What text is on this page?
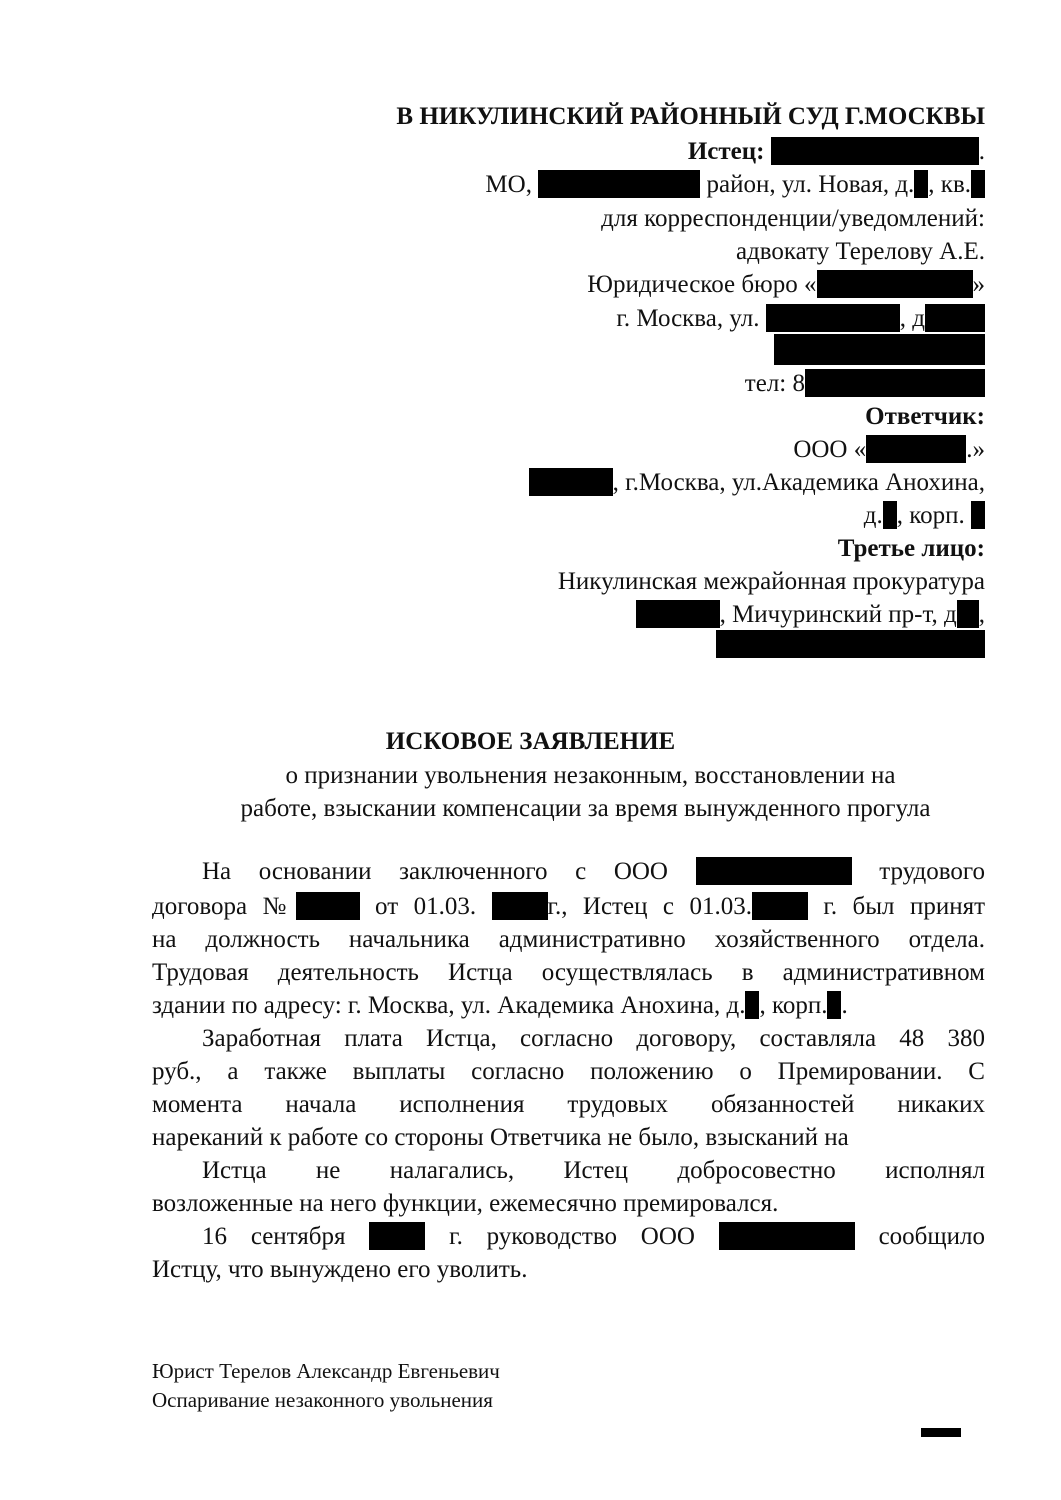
В НИКУЛИНСКИЙ РАЙОННЫЙ СУД Г.МОСКВЫ
Истец:	.
МО,	район, ул. Новая, д. , кв.
для корреспонденции/уведомлений:
адвокату Терелову А.Е.
Юридическое бюро «	»
г. Москва, ул.	, д
тел: 8
Ответчик:
ООО «	.»
, г.Москва, ул.Академика Анохина,
д. , корп.
Третье лицо:
Никулинская межрайонная прокуратура
, Мичуринский пр-т, д ,
ИСКОВОЕ ЗАЯВЛЕНИЕ
о признании увольнения незаконным, восстановлении на
работе, взыскании компенсации за время вынужденного прогула
На основании заключенного с ООО	трудового
договора №	от 01.03.	г., Истец с 01.03.	г. был принят
на должность начальника административно хозяйственного отдела.
Трудовая деятельность Истца осуществлялась в административном
здании по адресу: г. Москва, ул. Академика Анохина, д. , корп. .
Заработная плата Истца, согласно договору, составляла 48 380
руб., а также выплаты согласно положению о Премировании. С
момента начала исполнения трудовых обязанностей никаких
нареканий к работе со стороны Ответчика не было, взысканий на
Истца не налагались, Истец добросовестно исполнял
возложенные на него функции, ежемесячно премировался.
16 сентября	г. руководство ООО	сообщило
Истцу, что вынуждено его уволить.
Юрист Терелов Александр Евгеньевич
Оспаривание незаконного увольнения
